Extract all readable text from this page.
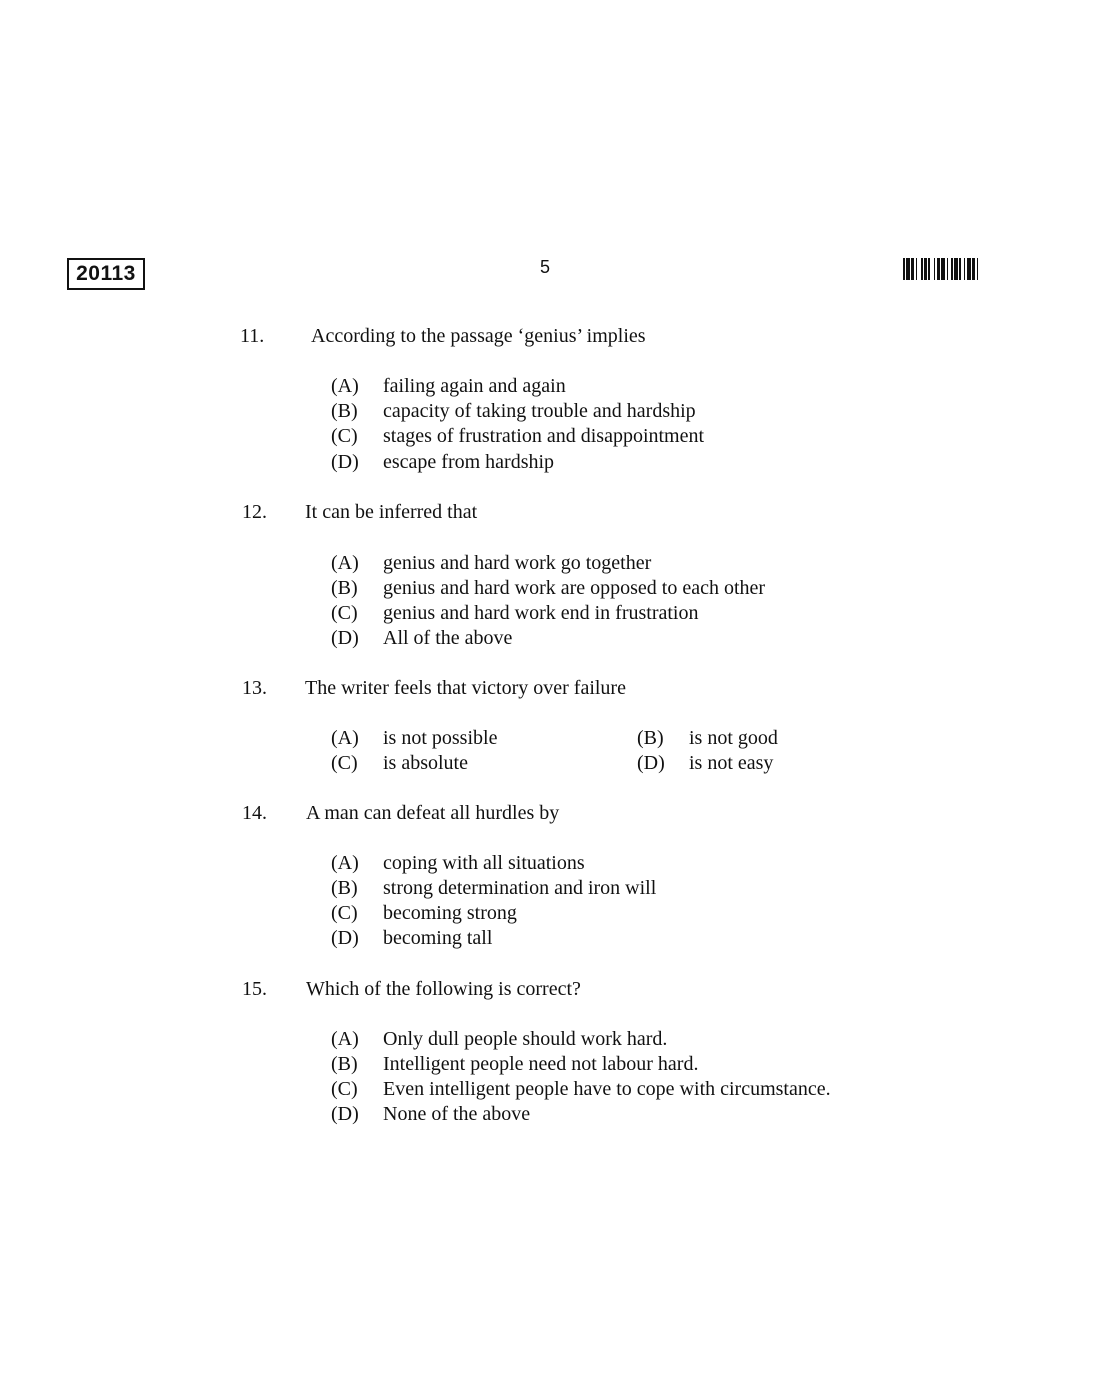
20113	5
11. According to the passage ‘genius’ implies
(A)	failing again and again
(B)	capacity of taking trouble and hardship
(C)	stages of frustration and disappointment
(D)	escape from hardship
12. It can be inferred that
(A)	genius and hard work go together
(B)	genius and hard work are opposed to each other
(C)	genius and hard work end in frustration
(D)	All of the above
13. The writer feels that victory over failure
(A)	is not possible	(B)	is not good
(C)	is absolute	(D)	is not easy
14. A man can defeat all hurdles by
(A)	coping with all situations
(B)	strong determination and iron will
(C)	becoming strong
(D)	becoming tall
15. Which of the following is correct?
(A)	Only dull people should work hard.
(B)	Intelligent people need not labour hard.
(C)	Even intelligent people have to cope with circumstance.
(D)	None of the above
